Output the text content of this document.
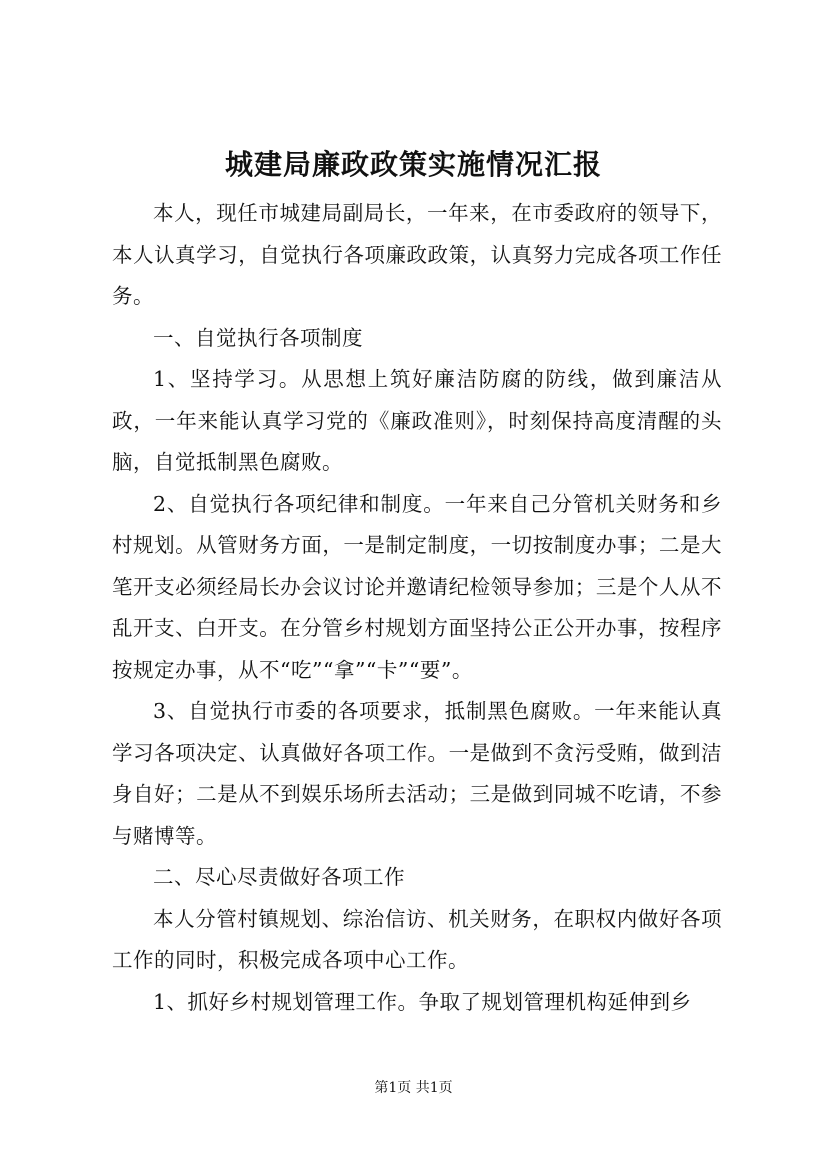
城建局廉政政策实施情况汇报

本人，现任市城建局副局长，一年来，在市委政府的领导下，本人认真学习，自觉执行各项廉政政策，认真努力完成各项工作任务。

一、自觉执行各项制度

1、坚持学习。从思想上筑好廉洁防腐的防线，做到廉洁从政，一年来能认真学习党的《廉政准则》，时刻保持高度清醒的头脑，自觉抵制黑色腐败。

2、自觉执行各项纪律和制度。一年来自己分管机关财务和乡村规划。从管财务方面，一是制定制度，一切按制度办事；二是大笔开支必须经局长办会议讨论并邀请纪检领导参加；三是个人从不乱开支、白开支。在分管乡村规划方面坚持公正公开办事，按程序按规定办事，从不“吃”“拿”“卡”“要”。

3、自觉执行市委的各项要求，抵制黑色腐败。一年来能认真学习各项决定、认真做好各项工作。一是做到不贪污受贿，做到洁身自好；二是从不到娱乐场所去活动；三是做到同城不吃请，不参与赌博等。

二、尽心尽责做好各项工作

本人分管村镇规划、综治信访、机关财务，在职权内做好各项工作的同时，积极完成各项中心工作。

1、抓好乡村规划管理工作。争取了规划管理机构延伸到乡

第1页 共1页
